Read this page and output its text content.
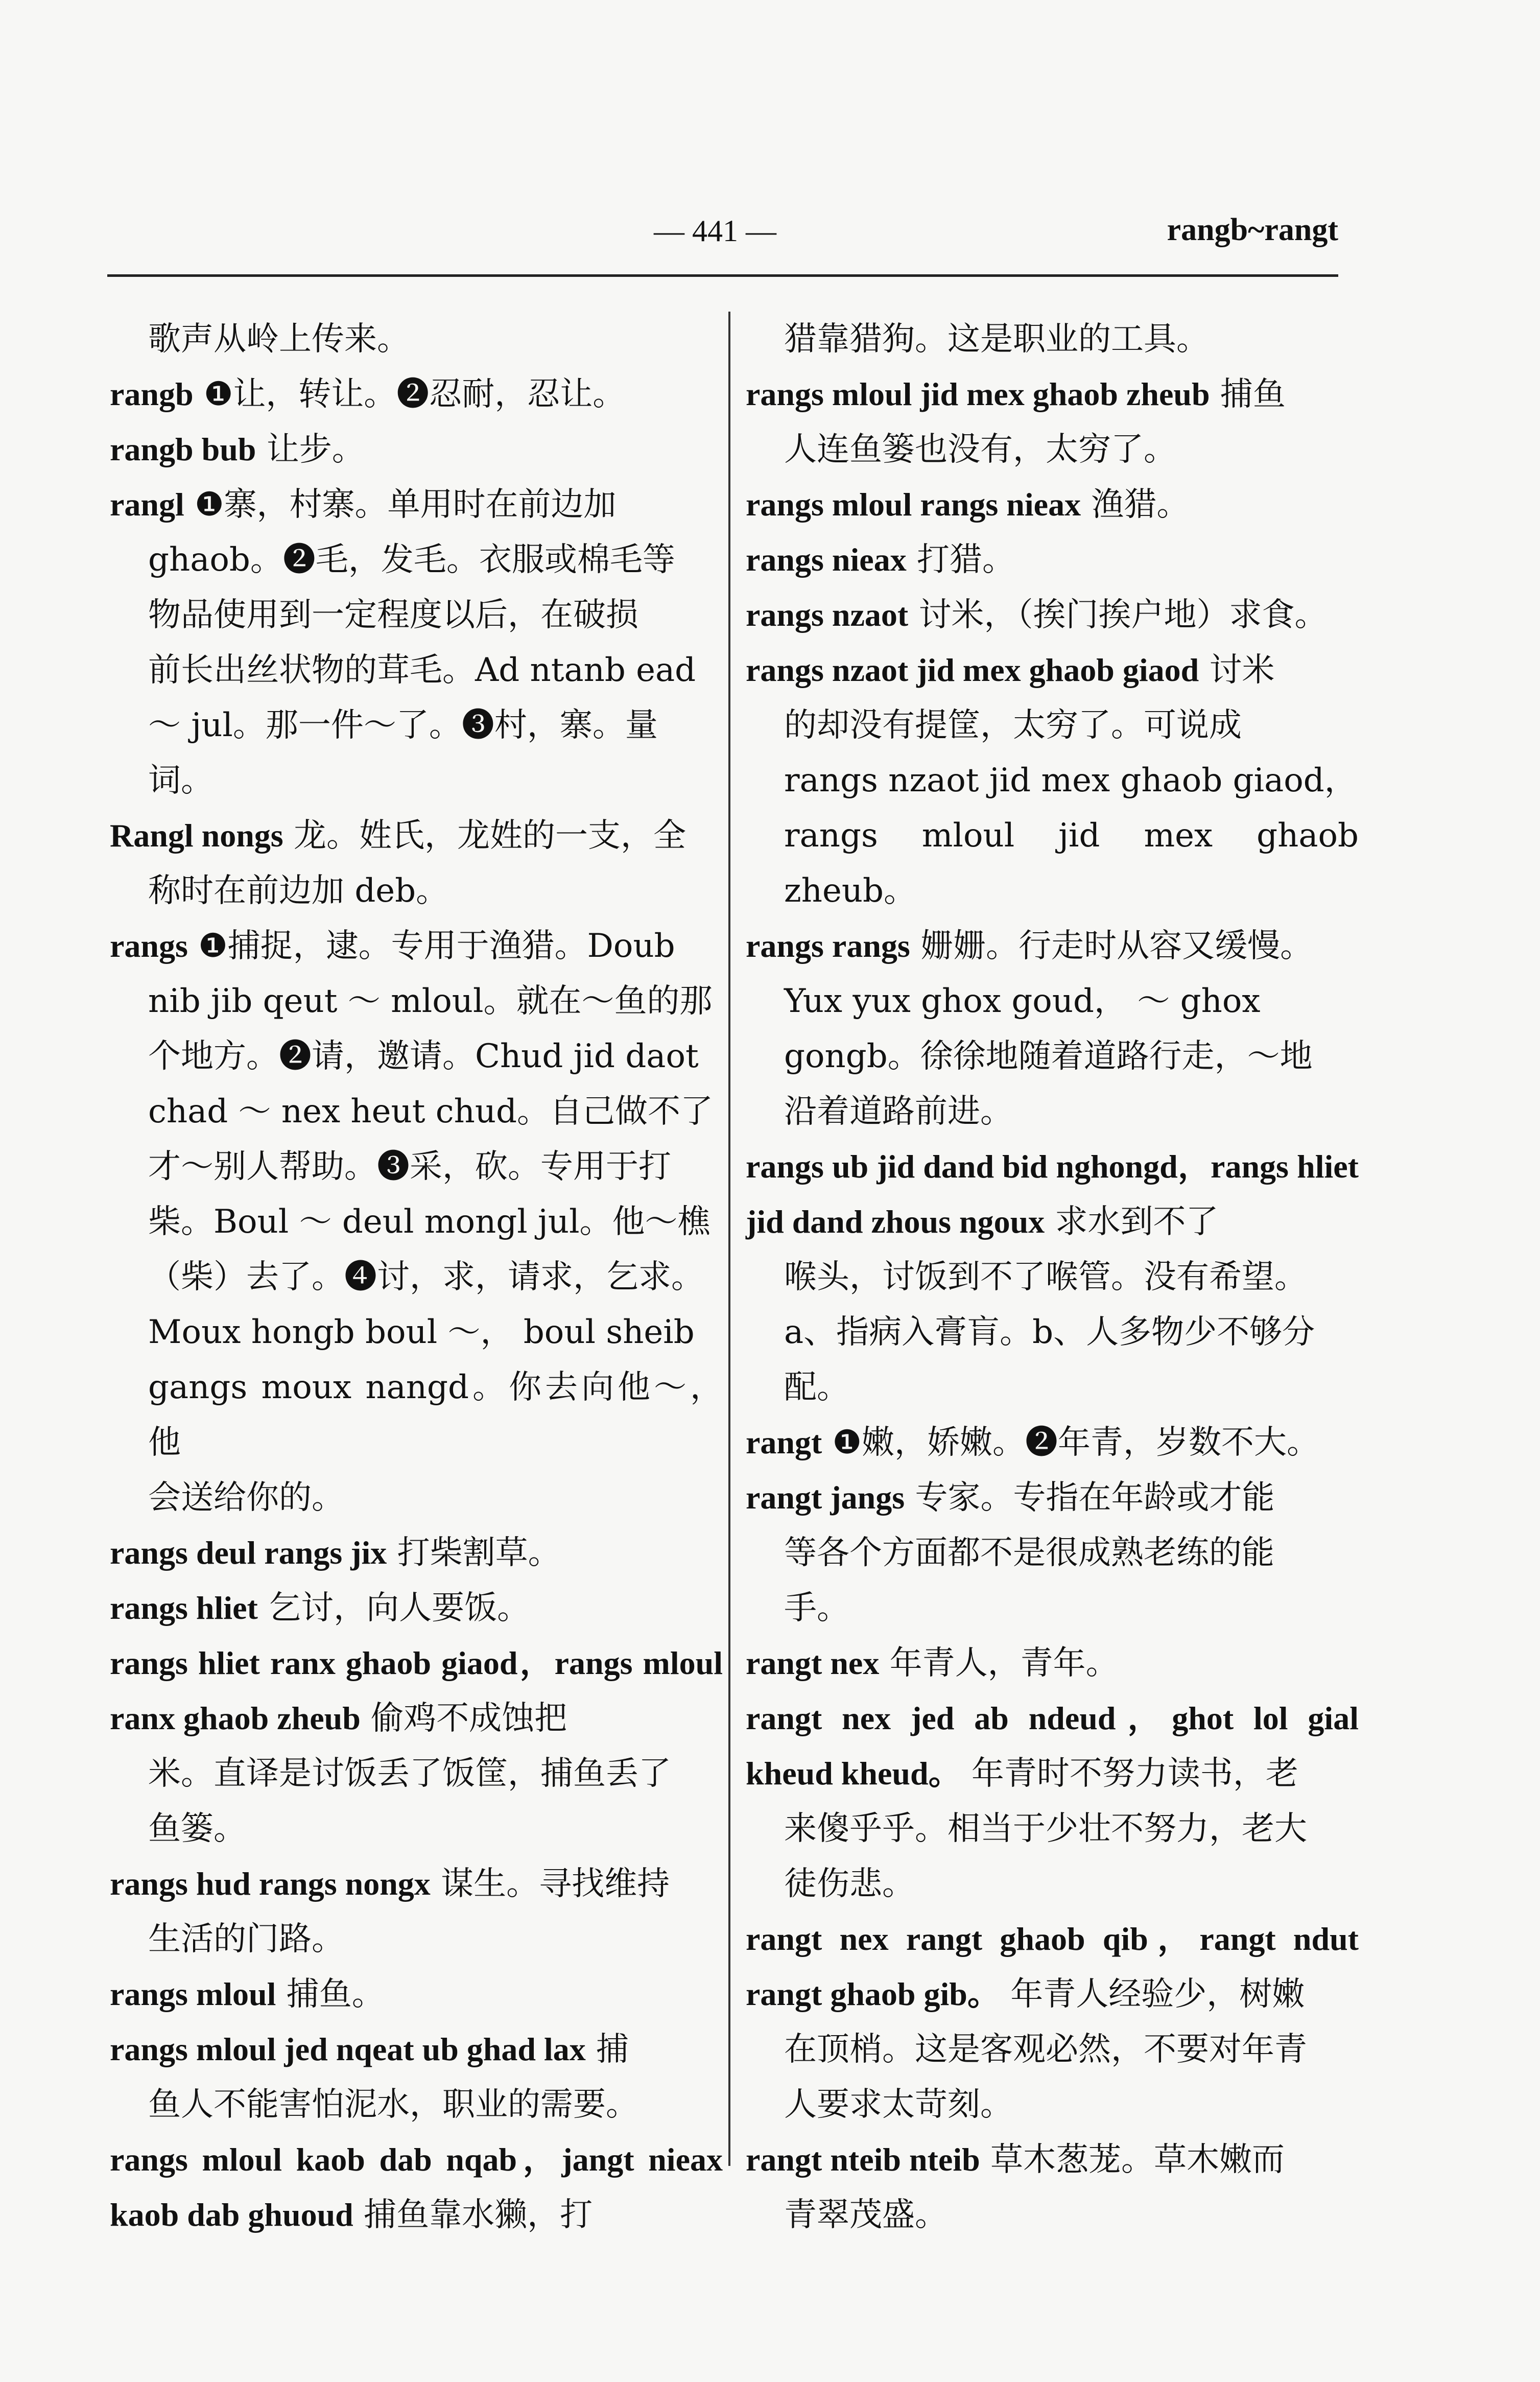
— 441 —	rangb~rangt
歌声从岭上传来。
rangb ❶让，转让。❷忍耐，忍让。
rangb bub 让步。
rangl ❶寨，村寨。单用时在前边加
ghaob。❷毛，发毛。衣服或棉毛等
物品使用到一定程度以后，在破损
前长出丝状物的茸毛。Ad ntanb ead
～ jul。那一件～了。❸村，寨。量
词。
Rangl nongs 龙。姓氏，龙姓的一支，全
称时在前边加 deb。
rangs ❶捕捉，逮。专用于渔猎。Doub
nib jib qeut ～ mloul。就在～鱼的那
个地方。❷请，邀请。Chud jid daot
chad ～ nex heut chud。自己做不了
才～别人帮助。❸采，砍。专用于打
柴。Boul ～ deul mongl jul。他～樵
（柴）去了。❹讨，求，请求，乞求。
Moux hongb boul ～， boul sheib
gangs moux nangd。你去向他～，他
会送给你的。
rangs deul rangs jix 打柴割草。
rangs hliet 乞讨，向人要饭。
rangs hliet ranx ghaob giaod，rangs mloul ranx ghaob zheub 偷鸡不成蚀把
米。直译是讨饭丢了饭筐，捕鱼丢了
鱼篓。
rangs hud rangs nongx 谋生。寻找维持
生活的门路。
rangs mloul 捕鱼。
rangs mloul jed nqeat ub ghad lax 捕
鱼人不能害怕泥水，职业的需要。
rangs mloul kaob dab nqab，jangt nieax kaob dab ghuoud 捕鱼靠水獭，打
猎靠猎狗。这是职业的工具。
rangs mloul jid mex ghaob zheub 捕鱼
人连鱼篓也没有，太穷了。
rangs mloul rangs nieax 渔猎。
rangs nieax 打猎。
rangs nzaot 讨米，（挨门挨户地）求食。
rangs nzaot jid mex ghaob giaod 讨米
的却没有提筐，太穷了。可说成
rangs nzaot jid mex ghaob giaod，
rangs mloul jid mex ghaob zheub。
rangs rangs 姗姗。行走时从容又缓慢。
Yux yux ghox goud， ～ ghox
gongb。徐徐地随着道路行走，～地
沿着道路前进。
rangs ub jid dand bid nghongd，rangs hliet jid dand zhous ngoux 求水到不了
喉头，讨饭到不了喉管。没有希望。
a、指病入膏肓。b、人多物少不够分
配。
rangt ❶嫩，娇嫩。❷年青，岁数不大。
rangt jangs 专家。专指在年龄或才能
等各个方面都不是很成熟老练的能
手。
rangt nex 年青人，青年。
rangt nex jed ab ndeud，ghot lol gial kheud kheud。 年青时不努力读书，老
来傻乎乎。相当于少壮不努力，老大
徒伤悲。
rangt nex rangt ghaob qib，rangt ndut rangt ghaob gib。 年青人经验少，树嫩
在顶梢。这是客观必然，不要对年青
人要求太苛刻。
rangt nteib nteib 草木葱茏。草木嫩而
青翠茂盛。
